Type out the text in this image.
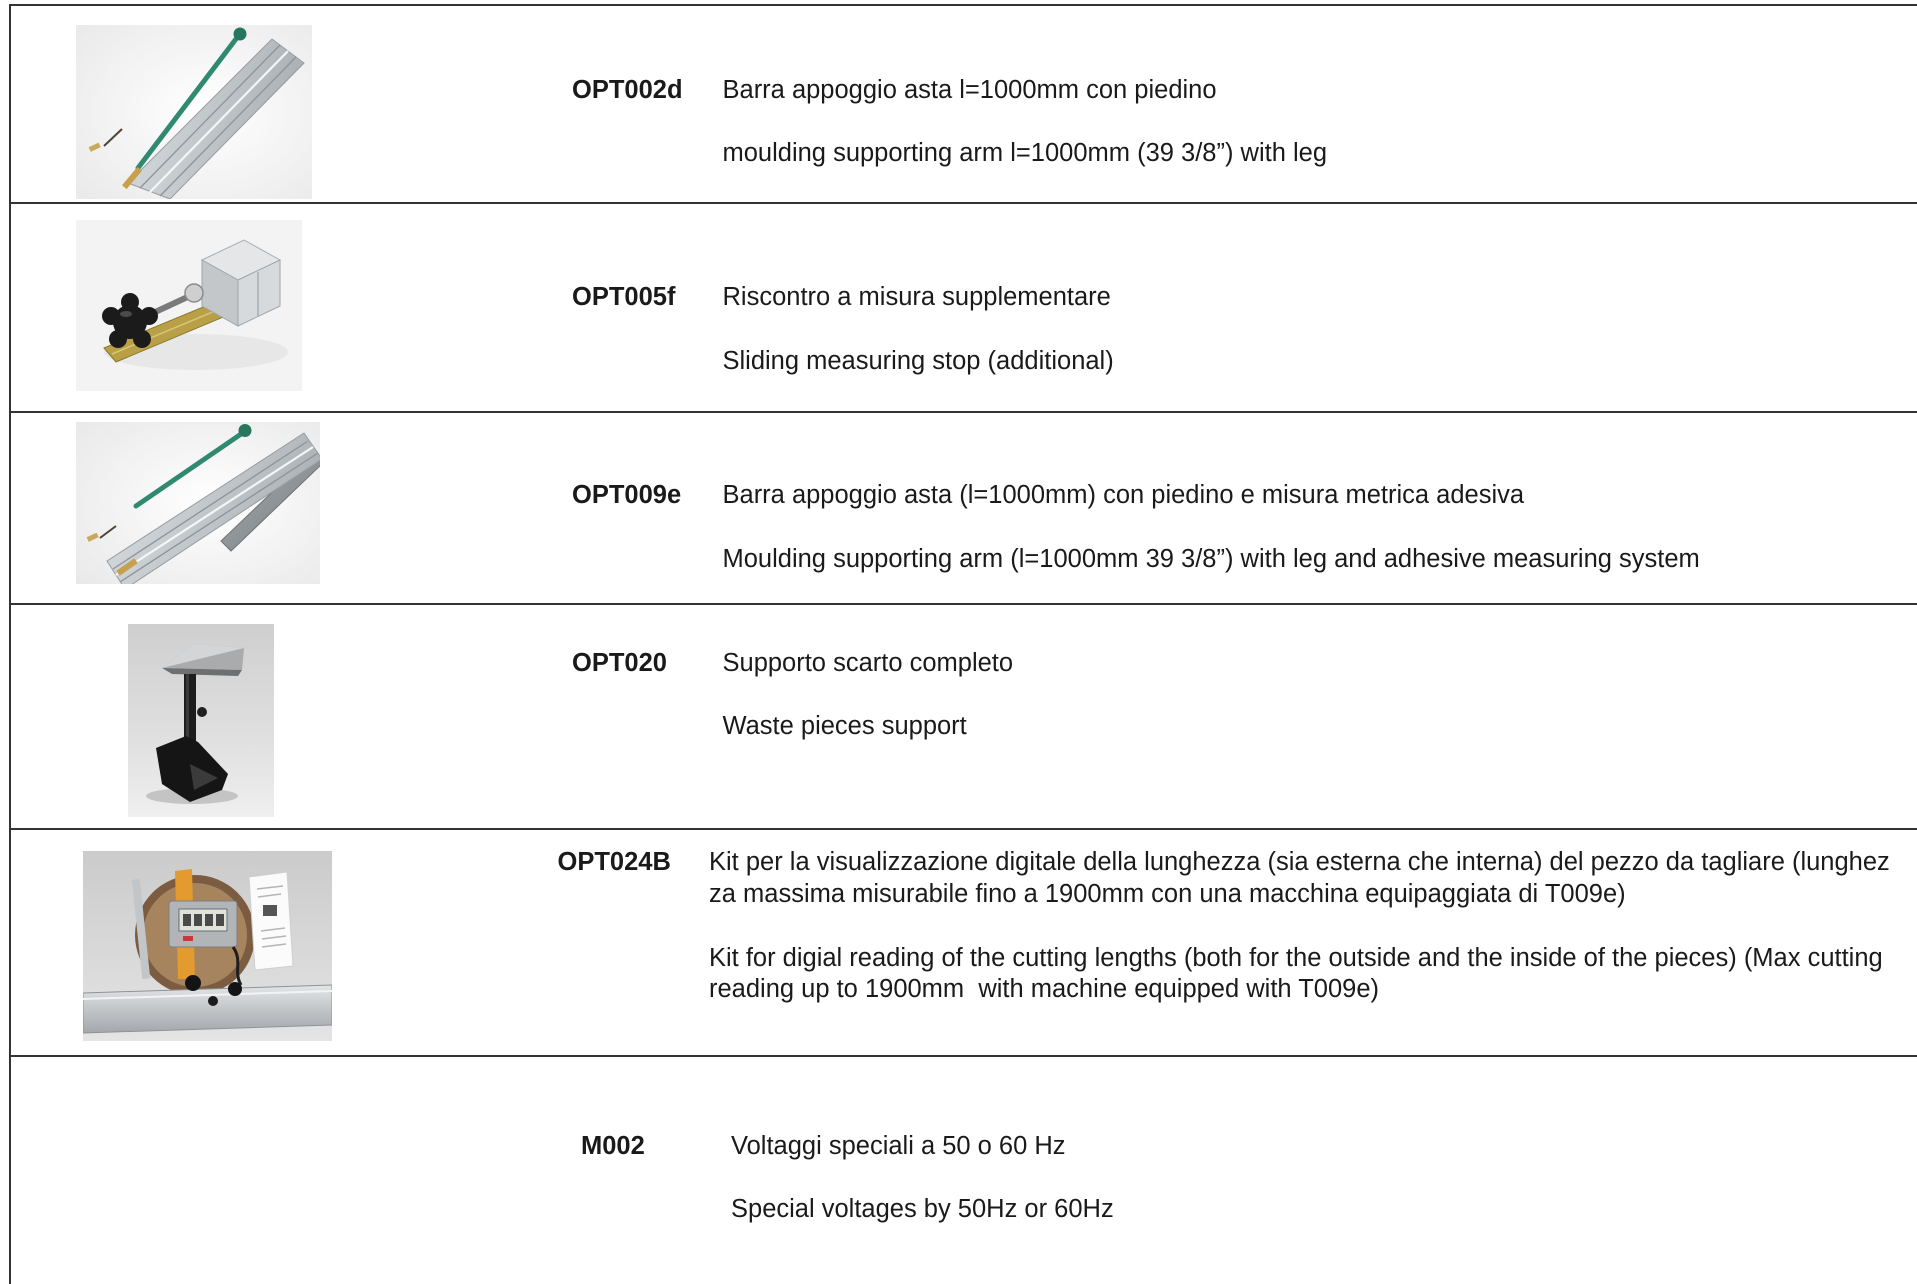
OPT002d Barra appoggio asta l=1000mm con piedino

moulding supporting arm l=1000mm (39 3/8”) with leg

OPT005f Riscontro a misura supplementare

Sliding measuring stop (additional)

OPT009e Barra appoggio asta (l=1000mm) con piedino e misura metrica adesiva

Moulding supporting arm (l=1000mm 39 3/8”) with leg and adhesive measuring system

OPT020 Supporto scarto completo

Waste pieces support

OPT024B Kit per la visualizzazione digitale della lunghezza (sia esterna che interna) del pezzo da tagliare (lunghez
za massima misurabile fino a 1900mm con una macchina equipaggiata di T009e)

Kit for digial reading of the cutting lengths (both for the outside and the inside of the pieces) (Max cutting
reading up to 1900mm  with machine equipped with T009e)

M002	Voltaggi speciali a 50 o 60 Hz

Special voltages by 50Hz or 60Hz
